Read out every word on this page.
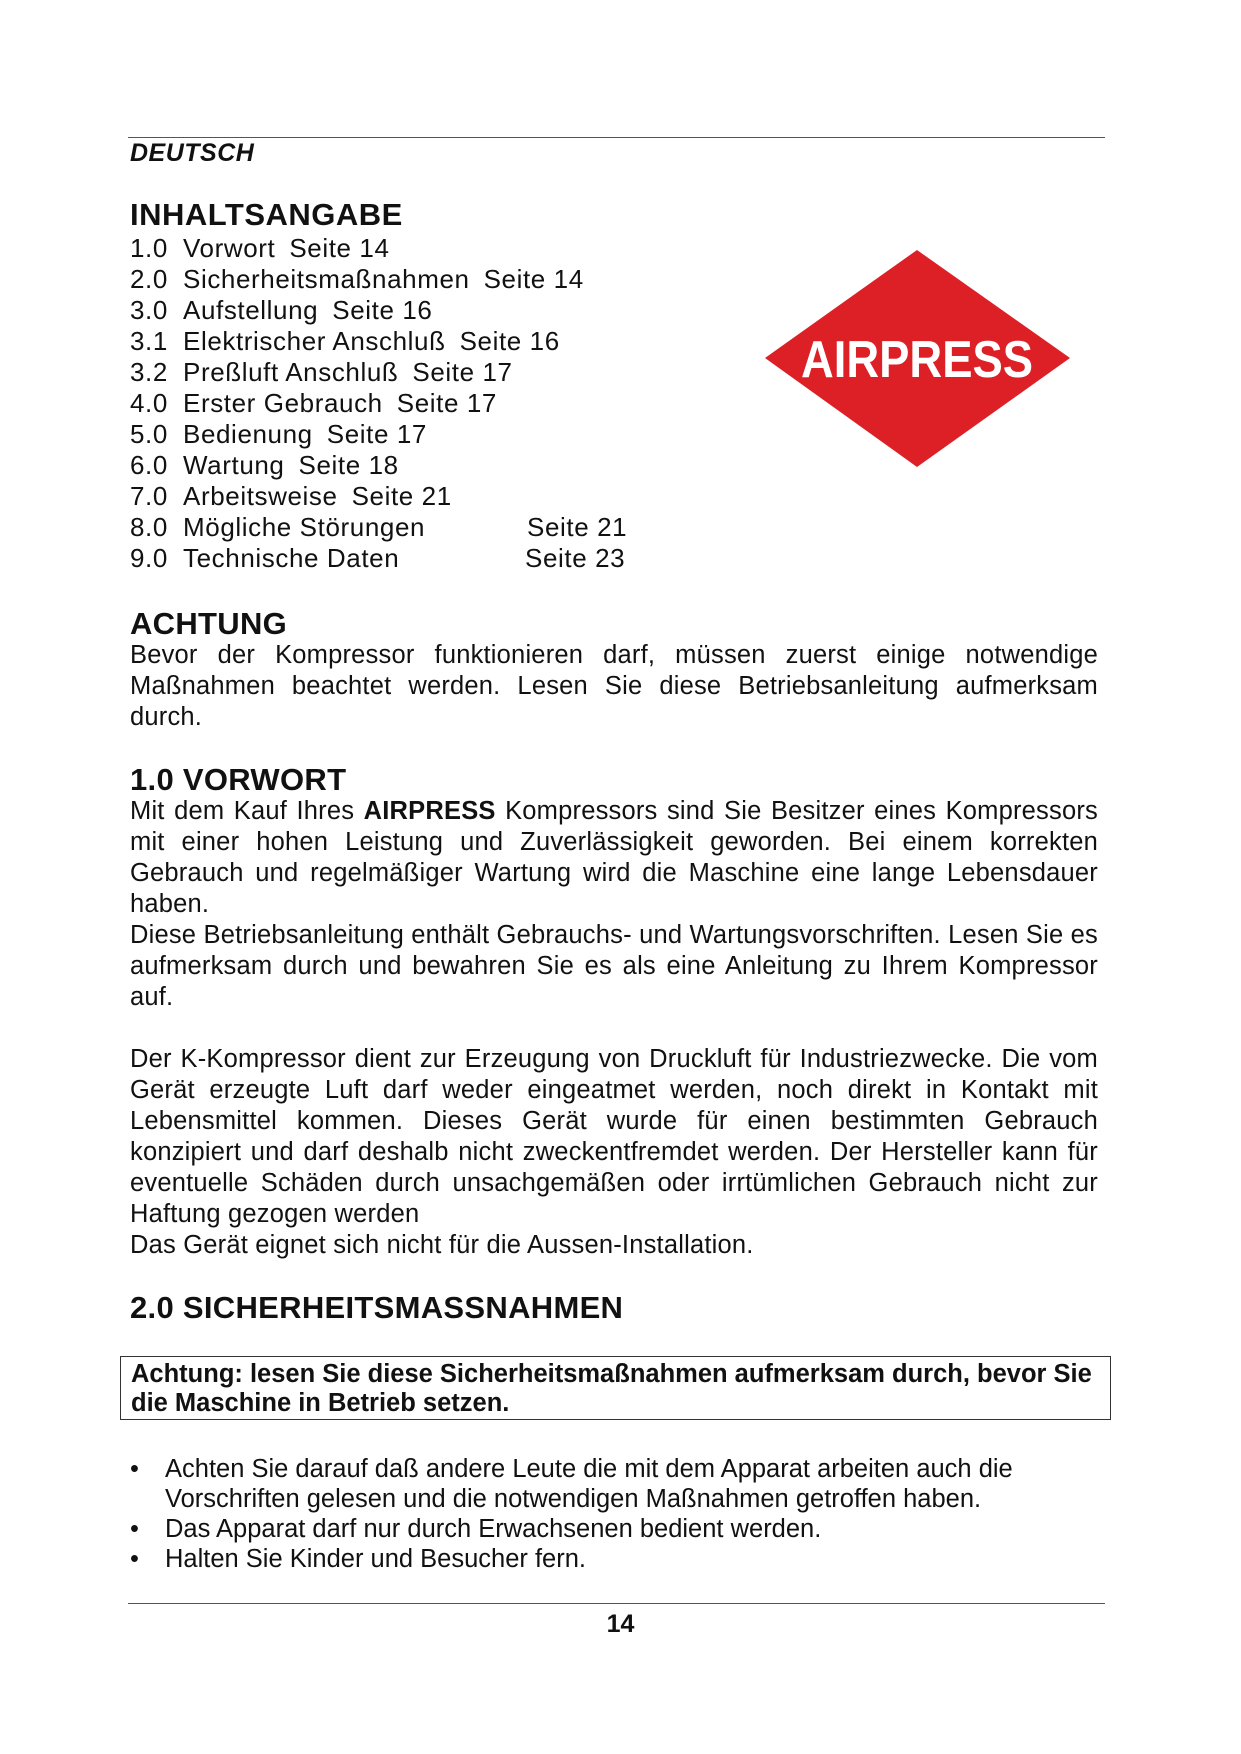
DEUTSCH
INHALTSANGABE
1.0 Vorwort Seite 14
2.0 Sicherheitsmaßnahmen Seite 14
3.0 Aufstellung Seite 16
3.1 Elektrischer Anschluß Seite 16
3.2 Preßluft Anschluß Seite 17
4.0 Erster Gebrauch Seite 17
5.0 Bedienung Seite 17
6.0 Wartung Seite 18
7.0 Arbeitsweise Seite 21
8.0 Mögliche Störungen	Seite 21
9.0 Technische Daten	Seite 23
AIRPRESS
ACHTUNG

Bevor der Kompressor funktionieren darf, müssen zuerst einige notwendige Maßnahmen beachtet werden. Lesen Sie diese Betriebsanleitung aufmerksam durch.

1.0 VORWORT

Mit dem Kauf Ihres AIRPRESS Kompressors sind Sie Besitzer eines Kompressors mit einer hohen Leistung und Zuverlässigkeit geworden. Bei einem korrekten Gebrauch und regelmäßiger Wartung wird die Maschine eine lange Lebensdauer haben.

Diese Betriebsanleitung enthält Gebrauchs- und Wartungsvorschriften. Lesen Sie es aufmerksam durch und bewahren Sie es als eine Anleitung zu Ihrem Kompressor auf.

Der K-Kompressor dient zur Erzeugung von Druckluft für Industriezwecke. Die vom Gerät erzeugte Luft darf weder eingeatmet werden, noch direkt in Kontakt mit Lebensmittel kommen. Dieses Gerät wurde für einen bestimmten Gebrauch konzipiert und darf deshalb nicht zweckentfremdet werden. Der Hersteller kann für eventuelle Schäden durch unsachgemäßen oder irrtümlichen Gebrauch nicht zur Haftung gezogen werden

Das Gerät eignet sich nicht für die Aussen-Installation.

2.0 SICHERHEITSMASSNAHMEN
Achtung: lesen Sie diese Sicherheitsmaßnahmen aufmerksam durch, bevor Sie die Maschine in Betrieb setzen.
• Achten Sie darauf daß andere Leute die mit dem Apparat arbeiten auch die Vorschriften gelesen und die notwendigen Maßnahmen getroffen haben.
• Das Apparat darf nur durch Erwachsenen bedient werden.
• Halten Sie Kinder und Besucher fern.
14
